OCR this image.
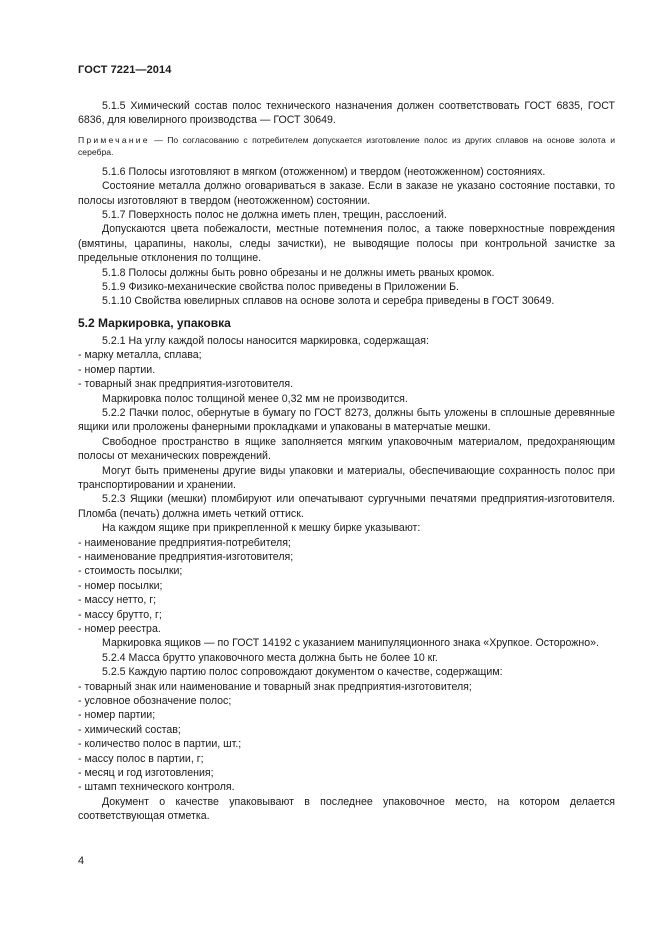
ГОСТ 7221—2014

5.1.5 Химический состав полос технического назначения должен соответствовать ГОСТ 6835, ГОСТ 6836, для ювелирного производства — ГОСТ 30649.

Примечание — По согласованию с потребителем допускается изготовление полос из других сплавов на основе золота и серебра.

5.1.6 Полосы изготовляют в мягком (отожженном) и твердом (неотожженном) состояниях.

Состояние металла должно оговариваться в заказе. Если в заказе не указано состояние поставки, то полосы изготовляют в твердом (неотожженном) состоянии.

5.1.7 Поверхность полос не должна иметь плен, трещин, расслоений.

Допускаются цвета побежалости, местные потемнения полос, а также поверхностные повреждения (вмятины, царапины, наколы, следы зачистки), не выводящие полосы при контрольной зачистке за предельные отклонения по толщине.

5.1.8 Полосы должны быть ровно обрезаны и не должны иметь рваных кромок.

5.1.9 Физико-механические свойства полос приведены в Приложении Б.

5.1.10 Свойства ювелирных сплавов на основе золота и серебра приведены в ГОСТ 30649.

5.2 Маркировка, упаковка

5.2.1 На углу каждой полосы наносится маркировка, содержащая:

- марку металла, сплава;

- номер партии.

- товарный знак предприятия-изготовителя.

Маркировка полос толщиной менее 0,32 мм не производится.

5.2.2 Пачки полос, обернутые в бумагу по ГОСТ 8273, должны быть уложены в сплошные деревянные ящики или проложены фанерными прокладками и упакованы в матерчатые мешки.

Свободное пространство в ящике заполняется мягким упаковочным материалом, предохраняющим полосы от механических повреждений.

Могут быть применены другие виды упаковки и материалы, обеспечивающие сохранность полос при транспортировании и хранении.

5.2.3 Ящики (мешки) пломбируют или опечатывают сургучными печатями предприятия-изготовителя. Пломба (печать) должна иметь четкий оттиск.

На каждом ящике при прикрепленной к мешку бирке указывают:

- наименование предприятия-потребителя;

- наименование предприятия-изготовителя;

- стоимость посылки;

- номер посылки;

- массу нетто, г;

- массу брутто, г;

- номер реестра.

Маркировка ящиков — по ГОСТ 14192 с указанием манипуляционного знака «Хрупкое. Осторожно».

5.2.4 Масса брутто упаковочного места должна быть не более 10 кг.

5.2.5 Каждую партию полос сопровождают документом о качестве, содержащим:

- товарный знак или наименование и товарный знак предприятия-изготовителя;

- условное обозначение полос;

- номер партии;

- химический состав;

- количество полос в партии, шт.;

- массу полос в партии, г;

- месяц и год изготовления;

- штамп технического контроля.

Документ о качестве упаковывают в последнее упаковочное место, на котором делается соответствующая отметка.

4
